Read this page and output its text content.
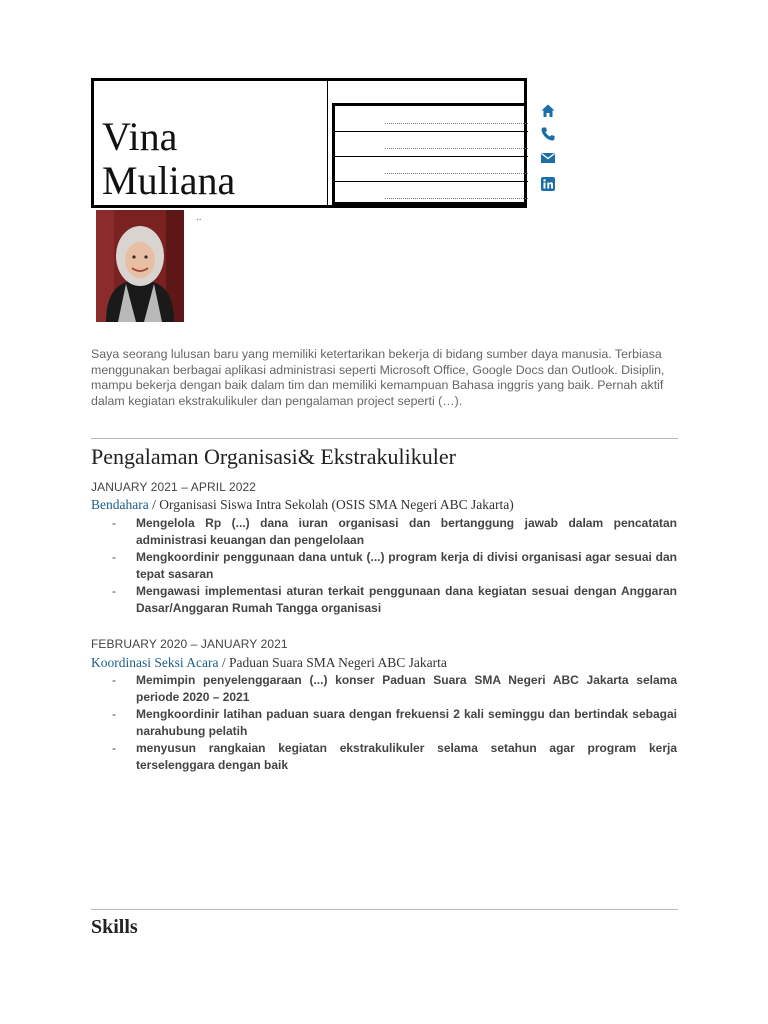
Vina
Muliana
..
Saya seorang lulusan baru yang memiliki ketertarikan bekerja di bidang sumber daya manusia. Terbiasa menggunakan berbagai aplikasi administrasi seperti Microsoft Office, Google Docs dan Outlook. Disiplin, mampu bekerja dengan baik dalam tim dan memiliki kemampuan Bahasa inggris yang baik. Pernah aktif dalam kegiatan ekstrakulikuler dan pengalaman project seperti (…).
Pengalaman Organisasi& Ekstrakulikuler
JANUARY 2021 – APRIL 2022
Bendahara / Organisasi Siswa Intra Sekolah (OSIS SMA Negeri ABC Jakarta)
- Mengelola Rp (...) dana iuran organisasi dan bertanggung jawab dalam pencatatan administrasi keuangan dan pengelolaan
- Mengkoordinir penggunaan dana untuk (...) program kerja di divisi organisasi agar sesuai dan tepat sasaran
- Mengawasi implementasi aturan terkait penggunaan dana kegiatan sesuai dengan Anggaran Dasar/Anggaran Rumah Tangga organisasi
FEBRUARY 2020 – JANUARY 2021
Koordinasi Seksi Acara / Paduan Suara SMA Negeri ABC Jakarta
- Memimpin penyelenggaraan (...) konser Paduan Suara SMA Negeri ABC Jakarta selama periode 2020 – 2021
- Mengkoordinir latihan paduan suara dengan frekuensi 2 kali seminggu dan bertindak sebagai narahubung pelatih
- menyusun rangkaian kegiatan ekstrakulikuler selama setahun agar program kerja terselenggara dengan baik
Skills
